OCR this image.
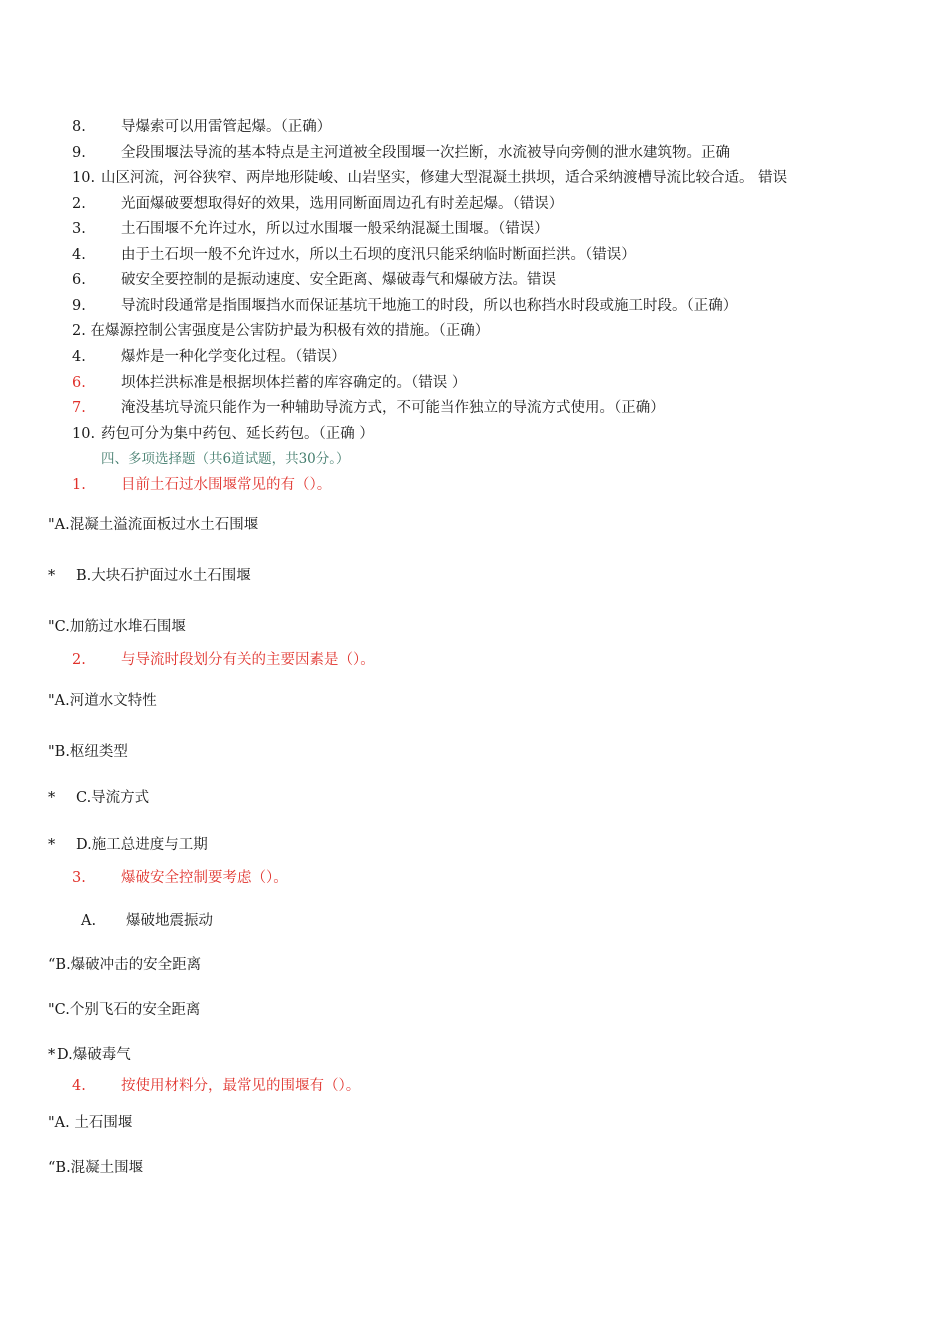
8. 导爆索可以用雷管起爆。（正确）
9. 全段围堰法导流的基本特点是主河道被全段围堰一次拦断，水流被导向旁侧的泄水建筑物。正确
10. 山区河流，河谷狭窄、两岸地形陡峻、山岩坚实，修建大型混凝土拱坝，适合采纳渡槽导流比较合适。 错误
2. 光面爆破要想取得好的效果，选用同断面周边孔有时差起爆。（错误）
3. 土石围堰不允许过水，所以过水围堰一般采纳混凝土围堰。（错误）
4. 由于土石坝一般不允许过水，所以土石坝的度汛只能采纳临时断面拦洪。（错误）
6. 破安全要控制的是振动速度、安全距离、爆破毒气和爆破方法。错误
9. 导流时段通常是指围堰挡水而保证基坑干地施工的时段，所以也称挡水时段或施工时段。（正确）
2. 在爆源控制公害强度是公害防护最为积极有效的措施。（正确）
4. 爆炸是一种化学变化过程。（错误）
6. 坝体拦洪标准是根据坝体拦蓄的库容确定的。（错误 ）
7. 淹没基坑导流只能作为一种辅助导流方式，不可能当作独立的导流方式使用。（正确）
10. 药包可分为集中药包、延长药包。（正确 ）
四、多项选择题（共6道试题，共30分。）
1. 目前土石过水围堰常见的有（）。
"A.混凝土溢流面板过水土石围堰
* B.大块石护面过水土石围堰
"C.加筋过水堆石围堰
2. 与导流时段划分有关的主要因素是（）。
"A.河道水文特性
"B.枢纽类型
* C.导流方式
* D.施工总进度与工期
3. 爆破安全控制要考虑（）。
A. 爆破地震振动
“B.爆破冲击的安全距离
"C.个别飞石的安全距离
* D.爆破毒气
4. 按使用材料分，最常见的围堰有（）。
"A. 土石围堰
“B.混凝土围堰
